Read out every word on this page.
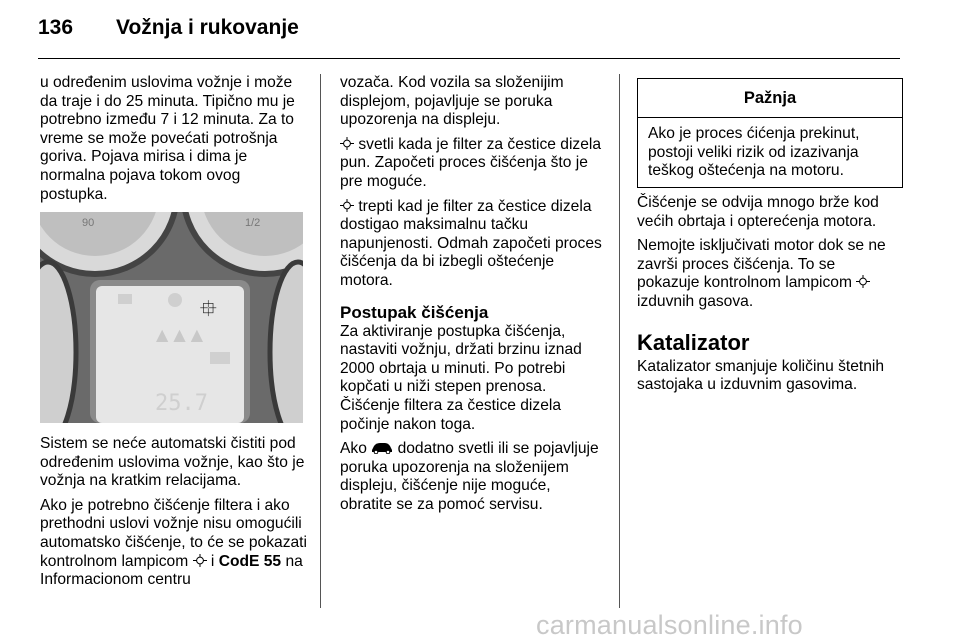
136 Vožnja i rukovanje

u određenim uslovima vožnje i može da traje i do 25 minuta. Tipično mu je potrebno između 7 i 12 minuta. Za to vreme se može povećati potrošnja goriva. Pojava mirisa i dima je normalna pojava tokom ovog postupka.

90	1/2
⯐
▲ ▲ ▲
25.7

Sistem se neće automatski čistiti pod određenim uslovima vožnje, kao što je vožnja na kratkim relacijama.

Ako je potrebno čišćenje filtera i ako prethodni uslovi vožnje nisu omogućili automatsko čišćenje, to će se pokazati kontrolnom lampicom i CodE 55 na Informacionom centru

vozača. Kod vozila sa složenijim displejom, pojavljuje se poruka upozorenja na displeju.

svetli kada je filter za čestice dizela pun. Započeti proces čišćenja što je pre moguće.

trepti kad je filter za čestice dizela dostigao maksimalnu tačku napunjenosti. Odmah započeti proces čišćenja da bi izbegli oštećenje motora.

Postupak čišćenja

Za aktiviranje postupka čišćenja, nastaviti vožnju, držati brzinu iznad 2000 obrtaja u minuti. Po potrebi kopčati u niži stepen prenosa.

Čišćenje filtera za čestice dizela počinje nakon toga.

Ako dodatno svetli ili se pojavljuje poruka upozorenja na složenijem displeju, čišćenje nije moguće, obratite se za pomoć servisu.

Pažnja
Ako je proces ćićenja prekinut, postoji veliki rizik od izazivanja teškog oštećenja na motoru.

Čišćenje se odvija mnogo brže kod većih obrtaja i opterećenja motora.

Nemojte isključivati motor dok se ne završi proces čišćenja. To se pokazuje kontrolnom lampicom  izduvnih gasova.

Katalizator

Katalizator smanjuje količinu štetnih sastojaka u izduvnim gasovima.

carmanualsonline.info
